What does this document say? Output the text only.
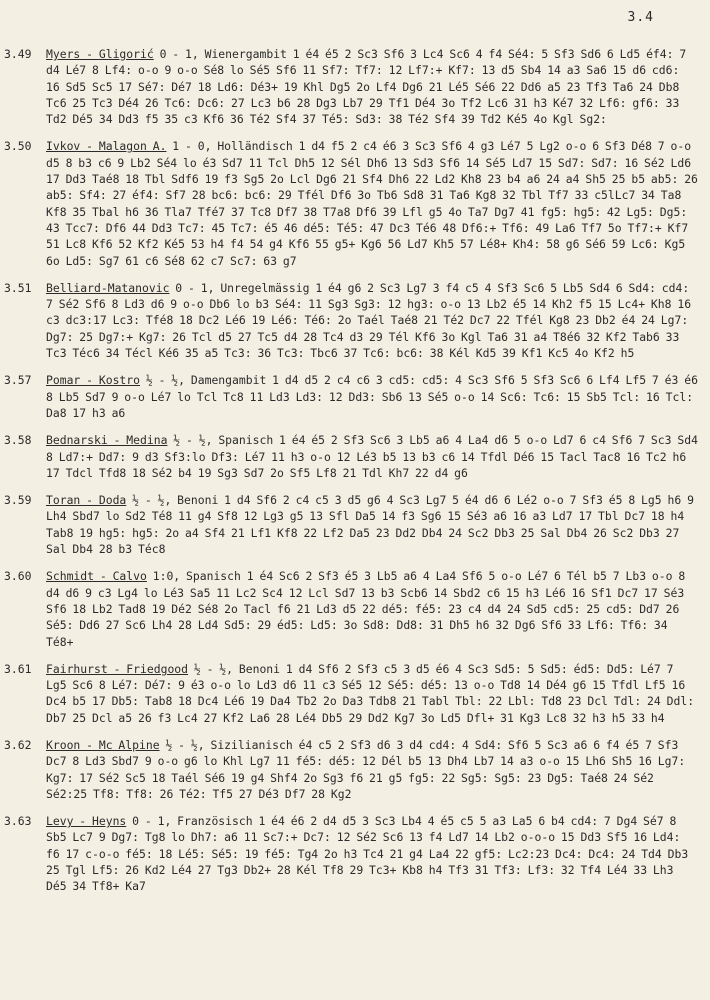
3.4
3.49	Myers - Gligorić 0 - 1, Wienergambit 1 é4 é5 2 Sc3 Sf6 3 Lc4 Sc6 4 f4 Sé4: 5 Sf3 Sd6 6 Ld5 éf4: 7 d4 Lé7 8 Lf4: o-o 9 o-o Sé8 lo Sé5 Sf6 11 Sf7: Tf7: 12 Lf7:+ Kf7: 13 d5 Sb4 14 a3 Sa6 15 d6 cd6: 16 Sd5 Sc5 17 Sé7: Dé7 18 Ld6: Dé3+ 19 Khl Dg5 2o Lf4 Dg6 21 Lé5 Sé6 22 Dd6 a5 23 Tf3 Ta6 24 Db8 Tc6 25 Tc3 Dé4 26 Tc6: Dc6: 27 Lc3 b6 28 Dg3 Lb7 29 Tf1 Dé4 3o Tf2 Lc6 31 h3 Ké7 32 Lf6: gf6: 33 Td2 Dé5 34 Dd3 f5 35 c3 Kf6 36 Té2 Sf4 37 Té5: Sd3: 38 Té2 Sf4 39 Td2 Ké5 4o Kgl Sg2:
3.50	Ivkov - Malagon A. 1 - 0, Holländisch 1 d4 f5 2 c4 é6 3 Sc3 Sf6 4 g3 Lé7 5 Lg2 o-o 6 Sf3 Dé8 7 o-o d5 8 b3 c6 9 Lb2 Sé4 lo é3 Sd7 11 Tcl Dh5 12 Sél Dh6 13 Sd3 Sf6 14 Sé5 Ld7 15 Sd7: Sd7: 16 Sé2 Ld6 17 Dd3 Taé8 18 Tbl Sdf6 19 f3 Sg5 2o Lcl Dg6 21 Sf4 Dh6 22 Ld2 Kh8 23 b4 a6 24 a4 Sh5 25 b5 ab5: 26 ab5: Sf4: 27 éf4: Sf7 28 bc6: bc6: 29 Tfél Df6 3o Tb6 Sd8 31 Ta6 Kg8 32 Tbl Tf7 33 c5lLc7 34 Ta8 Kf8 35 Tbal h6 36 Tla7 Tfé7 37 Tc8 Df7 38 T7a8 Df6 39 Lfl g5 4o Ta7 Dg7 41 fg5: hg5: 42 Lg5: Dg5: 43 Tcc7: Df6 44 Dd3 Tc7: 45 Tc7: é5 46 dé5: Té5: 47 Dc3 Té6 48 Df6:+ Tf6: 49 La6 Tf7 5o Tf7:+ Kf7 51 Lc8 Kf6 52 Kf2 Ké5 53 h4 f4 54 g4 Kf6 55 g5+ Kg6 56 Ld7 Kh5 57 Lé8+ Kh4: 58 g6 Sé6 59 Lc6: Kg5 6o Ld5: Sg7 61 c6 Sé8 62 c7 Sc7: 63 g7
3.51	Belliard-Matanovic 0 - 1, Unregelmässig 1 é4 g6 2 Sc3 Lg7 3 f4 c5 4 Sf3 Sc6 5 Lb5 Sd4 6 Sd4: cd4: 7 Sé2 Sf6 8 Ld3 d6 9 o-o Db6 lo b3 Sé4: 11 Sg3 Sg3: 12 hg3: o-o 13 Lb2 é5 14 Kh2 f5 15 Lc4+ Kh8 16 c3 dc3:17 Lc3: Tfé8 18 Dc2 Lé6 19 Lé6: Té6: 2o Taél Taé8 21 Té2 Dc7 22 Tfél Kg8 23 Db2 é4 24 Lg7: Dg7: 25 Dg7:+ Kg7: 26 Tcl d5 27 Tc5 d4 28 Tc4 d3 29 Tél Kf6 3o Kgl Ta6 31 a4 T8é6 32 Kf2 Tab6 33 Tc3 Téc6 34 Técl Ké6 35 a5 Tc3: 36 Tc3: Tbc6 37 Tc6: bc6: 38 Kél Kd5 39 Kf1 Kc5 4o Kf2 h5
3.57	Pomar - Kostro ½ - ½, Damengambit 1 d4 d5 2 c4 c6 3 cd5: cd5: 4 Sc3 Sf6 5 Sf3 Sc6 6 Lf4 Lf5 7 é3 é6 8 Lb5 Sd7 9 o-o Lé7 lo Tcl Tc8 11 Ld3 Ld3: 12 Dd3: Sb6 13 Sé5 o-o 14 Sc6: Tc6: 15 Sb5 Tcl: 16 Tcl: Da8 17 h3 a6
3.58	Bednarski - Medina ½ - ½, Spanisch 1 é4 é5 2 Sf3 Sc6 3 Lb5 a6 4 La4 d6 5 o-o Ld7 6 c4 Sf6 7 Sc3 Sd4 8 Ld7:+ Dd7: 9 d3 Sf3:lo Df3: Lé7 11 h3 o-o 12 Lé3 b5 13 b3 c6 14 Tfdl Dé6 15 Tacl Tac8 16 Tc2 h6 17 Tdcl Tfd8 18 Sé2 b4 19 Sg3 Sd7 2o Sf5 Lf8 21 Tdl Kh7 22 d4 g6
3.59	Toran - Doda ½ - ½, Benoni 1 d4 Sf6 2 c4 c5 3 d5 g6 4 Sc3 Lg7 5 é4 d6 6 Lé2 o-o 7 Sf3 é5 8 Lg5 h6 9 Lh4 Sbd7 lo Sd2 Té8 11 g4 Sf8 12 Lg3 g5 13 Sfl Da5 14 f3 Sg6 15 Sé3 a6 16 a3 Ld7 17 Tbl Dc7 18 h4 Tab8 19 hg5: hg5: 2o a4 Sf4 21 Lf1 Kf8 22 Lf2 Da5 23 Dd2 Db4 24 Sc2 Db3 25 Sal Db4 26 Sc2 Db3 27 Sal Db4 28 b3 Téc8
3.60	Schmidt - Calvo 1:0, Spanisch 1 é4 Sc6 2 Sf3 é5 3 Lb5 a6 4 La4 Sf6 5 o-o Lé7 6 Tél b5 7 Lb3 o-o 8 d4 d6 9 c3 Lg4 lo Lé3 Sa5 11 Lc2 Sc4 12 Lcl Sd7 13 b3 Scb6 14 Sbd2 c6 15 h3 Lé6 16 Sf1 Dc7 17 Sé3 Sf6 18 Lb2 Tad8 19 Dé2 Sé8 2o Tacl f6 21 Ld3 d5 22 dé5: fé5: 23 c4 d4 24 Sd5 cd5: 25 cd5: Dd7 26 Sé5: Dd6 27 Sc6 Lh4 28 Ld4 Sd5: 29 éd5: Ld5: 3o Sd8: Dd8: 31 Dh5 h6 32 Dg6 Sf6 33 Lf6: Tf6: 34 Té8+
3.61	Fairhurst - Friedgood ½ - ½, Benoni 1 d4 Sf6 2 Sf3 c5 3 d5 é6 4 Sc3 Sd5: 5 Sd5: éd5: Dd5: Lé7 7 Lg5 Sc6 8 Lé7: Dé7: 9 é3 o-o lo Ld3 d6 11 c3 Sé5 12 Sé5: dé5: 13 o-o Td8 14 Dé4 g6 15 Tfdl Lf5 16 Dc4 b5 17 Db5: Tab8 18 Dc4 Lé6 19 Da4 Tb2 2o Da3 Tdb8 21 Tabl Tbl: 22 Lbl: Td8 23 Dcl Tdl: 24 Ddl: Db7 25 Dcl a5 26 f3 Lc4 27 Kf2 La6 28 Lé4 Db5 29 Dd2 Kg7 3o Ld5 Dfl+ 31 Kg3 Lc8 32 h3 h5 33 h4
3.62	Kroon - Mc Alpine ½ - ½, Sizilianisch é4 c5 2 Sf3 d6 3 d4 cd4: 4 Sd4: Sf6 5 Sc3 a6 6 f4 é5 7 Sf3 Dc7 8 Ld3 Sbd7 9 o-o g6 lo Khl Lg7 11 fé5: dé5: 12 Dél b5 13 Dh4 Lb7 14 a3 o-o 15 Lh6 Sh5 16 Lg7: Kg7: 17 Sé2 Sc5 18 Taél Sé6 19 g4 Shf4 2o Sg3 f6 21 g5 fg5: 22 Sg5: Sg5: 23 Dg5: Taé8 24 Sé2 Sé2:25 Tf8: Tf8: 26 Té2: Tf5 27 Dé3 Df7 28 Kg2
3.63	Levy - Heyns 0 - 1, Französisch 1 é4 é6 2 d4 d5 3 Sc3 Lb4 4 é5 c5 5 a3 La5 6 b4 cd4: 7 Dg4 Sé7 8 Sb5 Lc7 9 Dg7: Tg8 lo Dh7: a6 11 Sc7:+ Dc7: 12 Sé2 Sc6 13 f4 Ld7 14 Lb2 o-o-o 15 Dd3 Sf5 16 Ld4: f6 17 c-o-o fé5: 18 Lé5: Sé5: 19 fé5: Tg4 2o h3 Tc4 21 g4 La4 22 gf5: Lc2:23 Dc4: Dc4: 24 Td4 Db3 25 Tgl Lf5: 26 Kd2 Lé4 27 Tg3 Db2+ 28 Kél Tf8 29 Tc3+ Kb8 h4 Tf3 31 Tf3: Lf3: 32 Tf4 Lé4 33 Lh3 Dé5 34 Tf8+ Ka7
